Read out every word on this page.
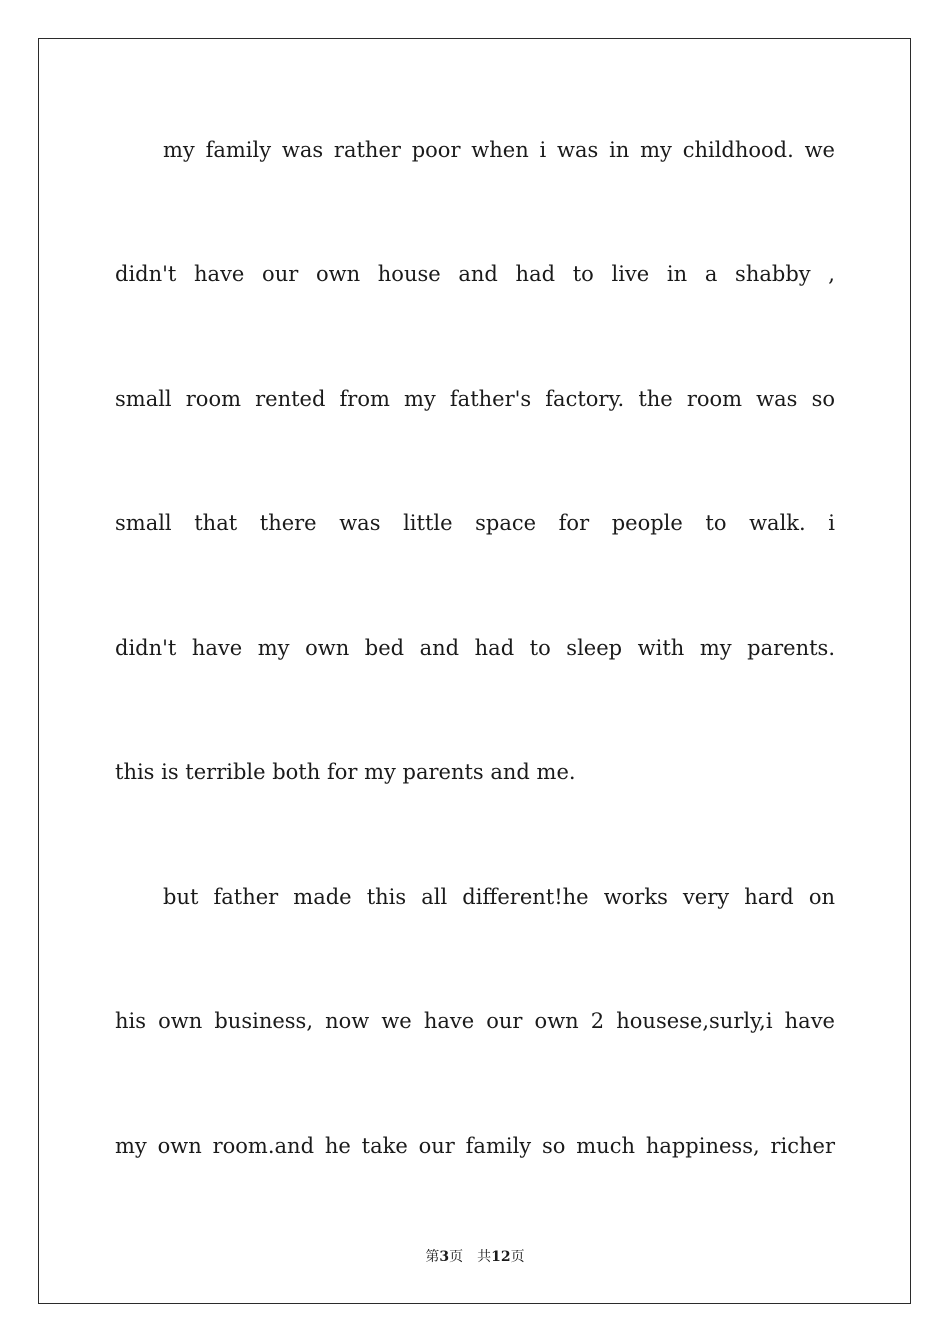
my family was rather poor when i was in my childhood. we
didn't have our own house and had to live in a shabby ,
small room rented from my father's factory. the room was so
small that there was little space for people to walk. i
didn't have my own bed and had to sleep with my parents.
this is terrible both for my parents and me.
but father made this all different!he works very hard on
his own business, now we have our own 2 housese,surly,i have
my own room.and he take our family so much happiness, richer
第3页 共12页
